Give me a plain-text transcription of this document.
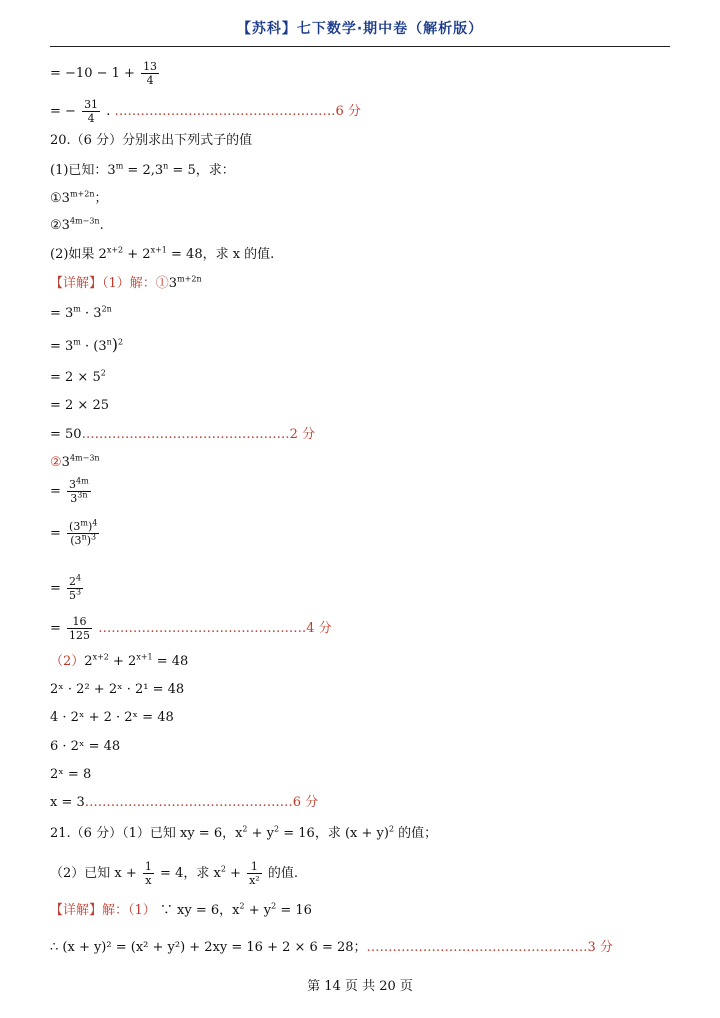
【苏科】七下数学·期中卷（解析版）
= $-10 - 1 + \frac{13}{4}$
= − $\frac{31}{4}$ . ……………………………………………6 分
20.（6 分）分别求出下列式子的值
(1)已知：$3^m = 2,3^n = 5$，求：
$①3^{m+2n}$；
$②3^{4m-3n}$.
(2)如果 $2^{x+2} + 2^{x+1} = 48$，求 x 的值.
【详解】（1）解：$①3^{m+2n}$
= $3^m \cdot 3^{2n}$
= $3^m \cdot (3^n)^2$
= $2 \times 5^2$
= 2 × 25
= 50…………………………………………2 分
$②3^{4m-3n}$
= $\frac{3^{4m}}{3^{3n}}$
= $\frac{(3^m)^4}{(3^n)^3}$
= $\frac{2^4}{5^3}$
= $\frac{16}{125}$ …………………………………………4 分
$(2)2^{x+2} + 2^{x+1} = 48$
2ˣ · 2² + 2ˣ · 2¹ = 48
4 · 2ˣ + 2 · 2ˣ = 48
6 · 2ˣ = 48
2ˣ = 8
x = 3…………………………………………6 分
21.（6 分）（1）已知 xy = 6，$x^2 + y^2 = 16$，求 $(x + y)^2$ 的值；
（2）已知 $x + \frac{1}{x} = 4$，求 $x^2 + \frac{1}{\text{x²}}$ 的值.
【详解】解：（1） ∵ xy = 6，$x^2 + y^2 = 16$
∴ (x + y)² = (x² + y²) + 2xy = 16 + 2 × 6 = 28；……………………………………………3 分
第 14 页 共 20 页
